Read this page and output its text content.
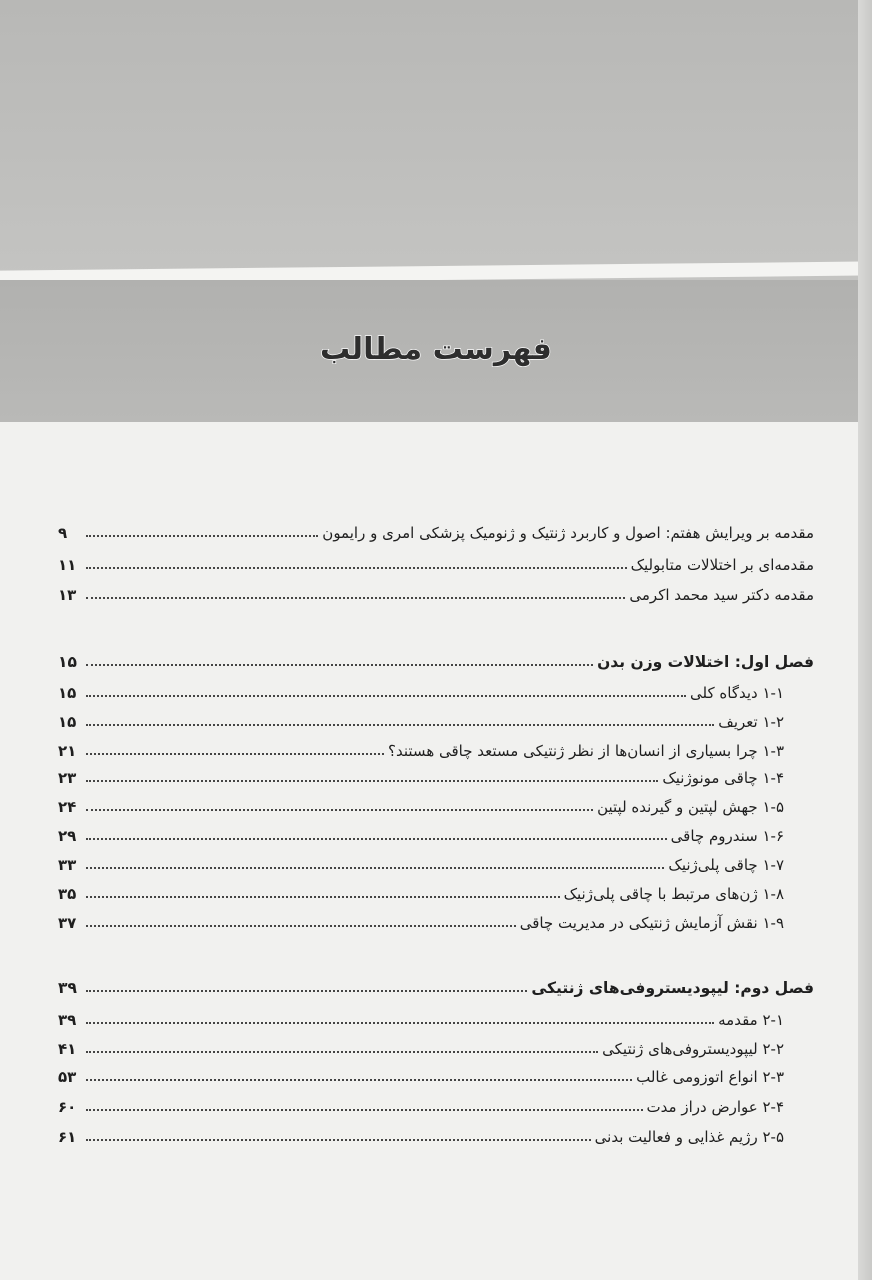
فهرست مطالب
مقدمه بر ویرایش هفتم: اصول و کاربرد ژنتیک و ژنومیک پزشکی امری و رایمون
۹
مقدمه‌ای بر اختلالات متابولیک
۱۱
مقدمه دکتر سید محمد اکرمی
۱۳
فصل اول: اختلالات وزن بدن
۱۵
۱-۱ دیدگاه کلی
۱۵
۱-۲ تعریف
۱۵
۱-۳ چرا بسیاری از انسان‌ها از نظر ژنتیکی مستعد چاقی هستند؟
۲۱
۱-۴ چاقی مونوژنیک
۲۳
۱-۵ جهش لپتین و گیرنده لپتین
۲۴
۱-۶ سندروم چاقی
۲۹
۱-۷ چاقی پلی‌ژنیک
۳۳
۱-۸ ژن‌های مرتبط با چاقی پلی‌ژنیک
۳۵
۱-۹ نقش آزمایش ژنتیکی در مدیریت چاقی
۳۷
فصل دوم: لیپودیستروفی‌های ژنتیکی
۳۹
۲-۱ مقدمه
۳۹
۲-۲ لیپودیستروفی‌های ژنتیکی
۴۱
۲-۳ انواع اتوزومی غالب
۵۳
۲-۴ عوارض دراز مدت
۶۰
۲-۵ رژیم غذایی و فعالیت بدنی
۶۱
